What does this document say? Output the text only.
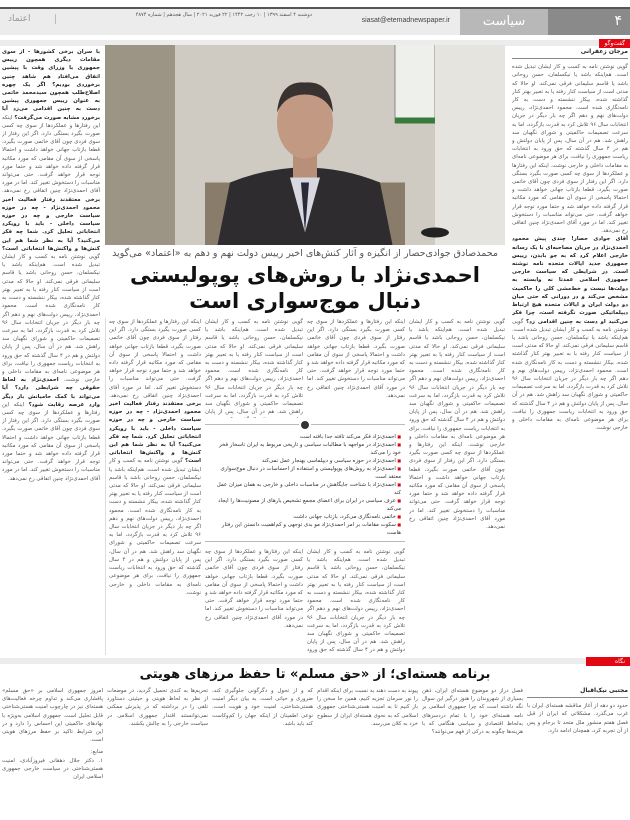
۴
سیاست
siasat@etemadnewspaper.ir
دوشنبه ۴ اسفند ۱۳۹۹ | ۱۰ رجب ۱۴۴۲ | ۲۲ فوریه ۲۰۲۱ | سال هجدهم | شماره ۴۸۷۴
اعتماد
گفت‌وگو
با سران برخی کشورها - از سوی مقامات دیگری همچون رییس جمهوری یا وزرای وقت با پیشین اتفاق می‌افتاد هم شاهد چنین برخوردی بودیم؟ اگر یک چهره اصلاح‌طلب همچون سیدمحمد خاتمی به عنوان رییس جمهوری پیشین دست به چنین اقدامی می‌زد آیا برخورد مشابه صورت می‌گرفت؟ اینکه این رفتارها و عملکردها از سوی چه کسی صورت بگیرد بستگی دارد. اگر این رفتار از سوی فردی چون آقای خاتمی صورت بگیرد، قطعا بازتاب جهانی خواهد داشت و احتمالا پاسخی از سوی آن مقامی که مورد مکاتبه قرار گرفته داده خواهد شد و حتما مورد توجه قرار خواهد گرفت. حتی می‌تواند مناسبات را دستخوش تغییر کند. اما در مورد آقای احمدی‌نژاد چنین اتفاقی رخ نمی‌دهد. برخی معتقدند رفتار فعالیت اخیر محمود احمدی‌نژاد - چه در حوزه سیاست خارجی و چه در حوزه سیاست داخلی - باید با رویکرد انتخاباتی تحلیل کرد. شما چه فکر می‌کنید؟ آیا به نظر شما هم این کنش‌ها و واکنش‌ها انتخاباتی است؟ گویی نوشتن نامه به کسب و کار ایشان تبدیل شده است. هم‌اینکه باشد یا نیکسلمان، حسن روحانی باشد یا قاسم سلیمانی فرقی نمی‌کند. او حالا که مدتی است از سیاست کنار رفته یا به تعبیر بهتر کنار گذاشته شده، بیکار ننشسته و دست به کار نامه‌نگاری شده است. محمود احمدی‌نژاد، رییس دولت‌های نهم و دهم اگر چه بار دیگر در جریان انتخابات سال ۹۶ تلاش کرد به قدرت بازگردد، اما به سرعت تصمیمات حاکمیتی و شورای نگهبان سد راهش شد. هم در آن سال، پس از پایان دولتش و هم در ۴ سال گذشته که حق ورود به انتخابات ریاست جمهوری را نیافت، برای هر موضوعی نامه‌ای به مقامات داخلی و خارجی نوشت. احمدی‌نژاد به لحاظ حقوقی چه شرایطی دارد؟ آیا می‌تواند با کمک حامیانش بار دیگر وارد عرصه رقابت شود؟ اینکه این رفتارها و عملکردها از سوی چه کسی صورت بگیرد بستگی دارد. اگر این رفتار از سوی فردی چون آقای خاتمی صورت بگیرد، قطعا بازتاب جهانی خواهد داشت و احتمالا پاسخی از سوی آن مقامی که مورد مکاتبه قرار گرفته داده خواهد شد و حتما مورد توجه قرار خواهد گرفت. حتی می‌تواند مناسبات را دستخوش تغییر کند. اما در مورد آقای احمدی‌نژاد چنین اتفاقی رخ نمی‌دهد.
مرجان زعفرانی
گویی نوشتن نامه به کسب و کار ایشان تبدیل شده است. هم‌اینکه باشد یا نیکسلمان، حسن روحانی باشد یا قاسم سلیمانی فرقی نمی‌کند. او حالا که مدتی است از سیاست کنار رفته یا به تعبیر بهتر کنار گذاشته شده، بیکار ننشسته و دست به کار نامه‌نگاری شده است. محمود احمدی‌نژاد، رییس دولت‌های نهم و دهم اگر چه بار دیگر در جریان انتخابات سال ۹۶ تلاش کرد به قدرت بازگردد، اما به سرعت تصمیمات حاکمیتی و شورای نگهبان سد راهش شد. هم در آن سال، پس از پایان دولتش و هم در ۴ سال گذشته که حق ورود به انتخابات ریاست جمهوری را نیافت، برای هر موضوعی نامه‌ای به مقامات داخلی و خارجی نوشت. اینکه این رفتارها و عملکردها از سوی چه کسی صورت بگیرد بستگی دارد. اگر این رفتار از سوی فردی چون آقای خاتمی صورت بگیرد، قطعا بازتاب جهانی خواهد داشت و احتمالا پاسخی از سوی آن مقامی که مورد مکاتبه قرار گرفته داده خواهد شد و حتما مورد توجه قرار خواهد گرفت. حتی می‌تواند مناسبات را دستخوش تغییر کند. اما در مورد آقای احمدی‌نژاد چنین اتفاقی رخ نمی‌دهد.
آقای جوادی حصار! چندی پیش محمود احمدی‌نژاد در جریان مصاحبه‌ای با یک رسانه خارجی اعلام کرد که به جو بایدن، رییس جمهوری جدید ایالات متحده نامه نوشته است. در شرایطی که سیاست خارجی جمهوری اسلامی عمدتا نه وابسته به دولت‌ها نیست و خط‌مشی کلی را حاکمیت مشخص می‌کند و در دورانی که حتی میان دو دولت ایران و ایالات متحده هیچ ارتباط دیپلماتیکی صورت نگرفته است، چرا فکر می‌کنید او دست به چنین اقدامی زد؟ گویی نوشتن نامه به کسب و کار ایشان تبدیل شده است. هم‌اینکه باشد یا نیکسلمان، حسن روحانی باشد یا قاسم سلیمانی فرقی نمی‌کند. او حالا که مدتی است از سیاست کنار رفته یا به تعبیر بهتر کنار گذاشته شده، بیکار ننشسته و دست به کار نامه‌نگاری شده است. محمود احمدی‌نژاد، رییس دولت‌های نهم و دهم اگر چه بار دیگر در جریان انتخابات سال ۹۶ تلاش کرد به قدرت بازگردد، اما به سرعت تصمیمات حاکمیتی و شورای نگهبان سد راهش شد. هم در آن سال، پس از پایان دولتش و هم در ۴ سال گذشته که حق ورود به انتخابات ریاست جمهوری را نیافت، برای هر موضوعی نامه‌ای به مقامات داخلی و خارجی نوشت.
محمدصادق جوادی‌حصار از انگیزه و آثار کنش‌های اخیر رییس دولت نهم و دهم به «اعتماد» می‌گوید
احمدی‌نژاد با روش‌های پوپولیستی دنبال موج‌سواری است
گویی نوشتن نامه به کسب و کار ایشان تبدیل شده است. هم‌اینکه باشد یا نیکسلمان، حسن روحانی باشد یا قاسم سلیمانی فرقی نمی‌کند. او حالا که مدتی است از سیاست کنار رفته یا به تعبیر بهتر کنار گذاشته شده، بیکار ننشسته و دست به کار نامه‌نگاری شده است. محمود احمدی‌نژاد، رییس دولت‌های نهم و دهم اگر چه بار دیگر در جریان انتخابات سال ۹۶ تلاش کرد به قدرت بازگردد، اما به سرعت تصمیمات حاکمیتی و شورای نگهبان سد راهش شد. هم در آن سال، پس از پایان دولتش و هم در ۴ سال گذشته که حق ورود به انتخابات ریاست جمهوری را نیافت، برای هر موضوعی نامه‌ای به مقامات داخلی و خارجی نوشت. اینکه این رفتارها و عملکردها از سوی چه کسی صورت بگیرد بستگی دارد. اگر این رفتار از سوی فردی چون آقای خاتمی صورت بگیرد، قطعا بازتاب جهانی خواهد داشت و احتمالا پاسخی از سوی آن مقامی که مورد مکاتبه قرار گرفته داده خواهد شد و حتما مورد توجه قرار خواهد گرفت. حتی می‌تواند مناسبات را دستخوش تغییر کند. اما در مورد آقای احمدی‌نژاد چنین اتفاقی رخ نمی‌دهد.
اینکه این رفتارها و عملکردها از سوی چه کسی صورت بگیرد بستگی دارد. اگر این رفتار از سوی فردی چون آقای خاتمی صورت بگیرد، قطعا بازتاب جهانی خواهد داشت و احتمالا پاسخی از سوی آن مقامی که مورد مکاتبه قرار گرفته داده خواهد شد و حتما مورد توجه قرار خواهد گرفت. حتی می‌تواند مناسبات را دستخوش تغییر کند. اما در مورد آقای احمدی‌نژاد چنین اتفاقی رخ نمی‌دهد.
گویی نوشتن نامه به کسب و کار ایشان تبدیل شده است. هم‌اینکه باشد یا نیکسلمان، حسن روحانی باشد یا قاسم سلیمانی فرقی نمی‌کند. او حالا که مدتی است از سیاست کنار رفته یا به تعبیر بهتر کنار گذاشته شده، بیکار ننشسته و دست به کار نامه‌نگاری شده است. محمود احمدی‌نژاد، رییس دولت‌های نهم و دهم اگر چه بار دیگر در جریان انتخابات سال ۹۶ تلاش کرد به قدرت بازگردد، اما به سرعت تصمیمات حاکمیتی و شورای نگهبان سد راهش شد. هم در آن سال، پس از پایان
■ احمدی‌نژاد فکر می‌کند تافته جدا بافته است
■ احمدی‌نژاد در مواجهه با مطالبات سیاسی و تاریخی مربوط به ایران تاسخار فخر خود را می‌کند
■ احمدی‌نژاد در حوزه سیاسی و دیپلماسی بهنجار عمل نمی‌کند
■ احمدی‌نژاد به روش‌های پوپولیستی و استفاده از احساسات در دنبال موج‌سواری معتقد است
■ احمدی‌نژاد با شناخت جایگاهش در مناسبات داخلی و خارجی به همان میزان عمل کند
■ عرف سیاسی در ایران برای اعضای مجمع تشخیص یارهای از مصونیت‌ها را ایجاد می‌کند
■ خاتمی نامه‌نگاری می‌کرد، بازتاب جهانی داشت
■ سکوت مقامات بر امر احمدی‌نژاد مو بدی توجهی و کم‌اهمیت دانستن این رفتار هاست
گویی نوشتن نامه به کسب و کار ایشان تبدیل شده است. هم‌اینکه باشد یا نیکسلمان، حسن روحانی باشد یا قاسم سلیمانی فرقی نمی‌کند. او حالا که مدتی است از سیاست کنار رفته یا به تعبیر بهتر کنار گذاشته شده، بیکار ننشسته و دست به کار نامه‌نگاری شده است. محمود احمدی‌نژاد، رییس دولت‌های نهم و دهم اگر چه بار دیگر در جریان انتخابات سال ۹۶ تلاش کرد به قدرت بازگردد، اما به سرعت تصمیمات حاکمیتی و شورای نگهبان سد راهش شد. هم در آن سال، پس از پایان دولتش و هم در ۴ سال گذشته که حق ورود
اینکه این رفتارها و عملکردها از سوی چه کسی صورت بگیرد بستگی دارد. اگر این رفتار از سوی فردی چون آقای خاتمی صورت بگیرد، قطعا بازتاب جهانی خواهد داشت و احتمالا پاسخی از سوی آن مقامی که مورد مکاتبه قرار گرفته داده خواهد شد و حتما مورد توجه قرار خواهد گرفت. حتی می‌تواند مناسبات را دستخوش تغییر کند. اما در مورد آقای احمدی‌نژاد چنین اتفاقی رخ نمی‌دهد.
اینکه این رفتارها و عملکردها از سوی چه کسی صورت بگیرد بستگی دارد. اگر این رفتار از سوی فردی چون آقای خاتمی صورت بگیرد، قطعا بازتاب جهانی خواهد داشت و احتمالا پاسخی از سوی آن مقامی که مورد مکاتبه قرار گرفته داده خواهد شد و حتما مورد توجه قرار خواهد گرفت. حتی می‌تواند مناسبات را دستخوش تغییر کند. اما در مورد آقای احمدی‌نژاد چنین اتفاقی رخ نمی‌دهد. برخی معتقدند رفتار فعالیت اخیر محمود احمدی‌نژاد - چه در حوزه سیاست خارجی و چه در حوزه سیاست داخلی - باید با رویکرد انتخاباتی تحلیل کرد. شما چه فکر می‌کنید؟ آیا به نظر شما هم این کنش‌ها و واکنش‌ها انتخاباتی است؟ گویی نوشتن نامه به کسب و کار ایشان تبدیل شده است. هم‌اینکه باشد یا نیکسلمان، حسن روحانی باشد یا قاسم سلیمانی فرقی نمی‌کند. او حالا که مدتی است از سیاست کنار رفته یا به تعبیر بهتر کنار گذاشته شده، بیکار ننشسته و دست به کار نامه‌نگاری شده است. محمود احمدی‌نژاد، رییس دولت‌های نهم و دهم اگر چه بار دیگر در جریان انتخابات سال ۹۶ تلاش کرد به قدرت بازگردد، اما به سرعت تصمیمات حاکمیتی و شورای نگهبان سد راهش شد. هم در آن سال، پس از پایان دولتش و هم در ۴ سال گذشته که حق ورود به انتخابات ریاست جمهوری را نیافت، برای هر موضوعی نامه‌ای به مقامات داخلی و خارجی نوشت.
نگاه
برنامه هسته‌ای؛ از «حق مسلم» تا حفظ مرزهای هویتی
مجتبی نیک‌اقبال
حدود دو دهه از آغاز مناقشه هسته‌ای ایران با غرب می‌گذرد. مشکلاتی که ایران از قبل فصل هفتم منشور ملل متحد تا برجام و پس از آن تجربه کرد، همچنان ادامه دارد.
فصل دراز دو موضوع هسته‌ای ایران، ذهن بسیاری از شهروندان را هنوز درگیر این سوال نگه داشته است که چرا جمهوری اسلامی بر نامه هسته‌ای خود را با تمام دردسرهای به‌لحاظ اقتصادی و سیاسی هنگامی که با هزینه‌ها چگونه به درکی از فهم می‌توانند؟
پیوند به دست دهند به نسبت برای اینکه اقدام را نور سرمان تجزیه کنیم، همین جا سخن را باز کنیم تا به امنیت هستی‌شناختی جمهوری اسلامی که به نحوی هسته‌ای ایران از سطوح خرد به کلان می‌رسد.
که و از تحول و دگرگونی جلوگیری کند، ضروری و حیاتی است. به بیان دیگر امنیت هستی‌شناختی، امنیت خود و هویت است. نوعی اطمینان از اینکه جهان را کم‌و‌کاست کند باید باشد.
تحریم‌ها به کندی تحمیل گردید، در موضعات از نظر به لحاظ هویتی و حیثیتی دستاورد تلقی را در برداشته که در پذیرش ممکنی نمی‌توانستند اقتدار جمهوری اسلامی در سیاست خارجی را به چالش بکشند.
امروز جمهوری اسلامی بر «حق مسلم» پافشاری می‌کند و تداوم چرخه فعالیت‌های هسته‌ای نیز در چارچوب امنیت هستی‌شناختی قابل تحلیل است. جمهوری اسلامی به‌ویژه با نهادهای حاکمیتی این احساس را دارد و در این شرایط تاکید بر حفظ مرزهای هویتی است.
منابع:
۱. دکتر جلال دهقانی فیروزآبادی، امنیت هستی‌شناختی در سیاست خارجی جمهوری اسلامی ایران
